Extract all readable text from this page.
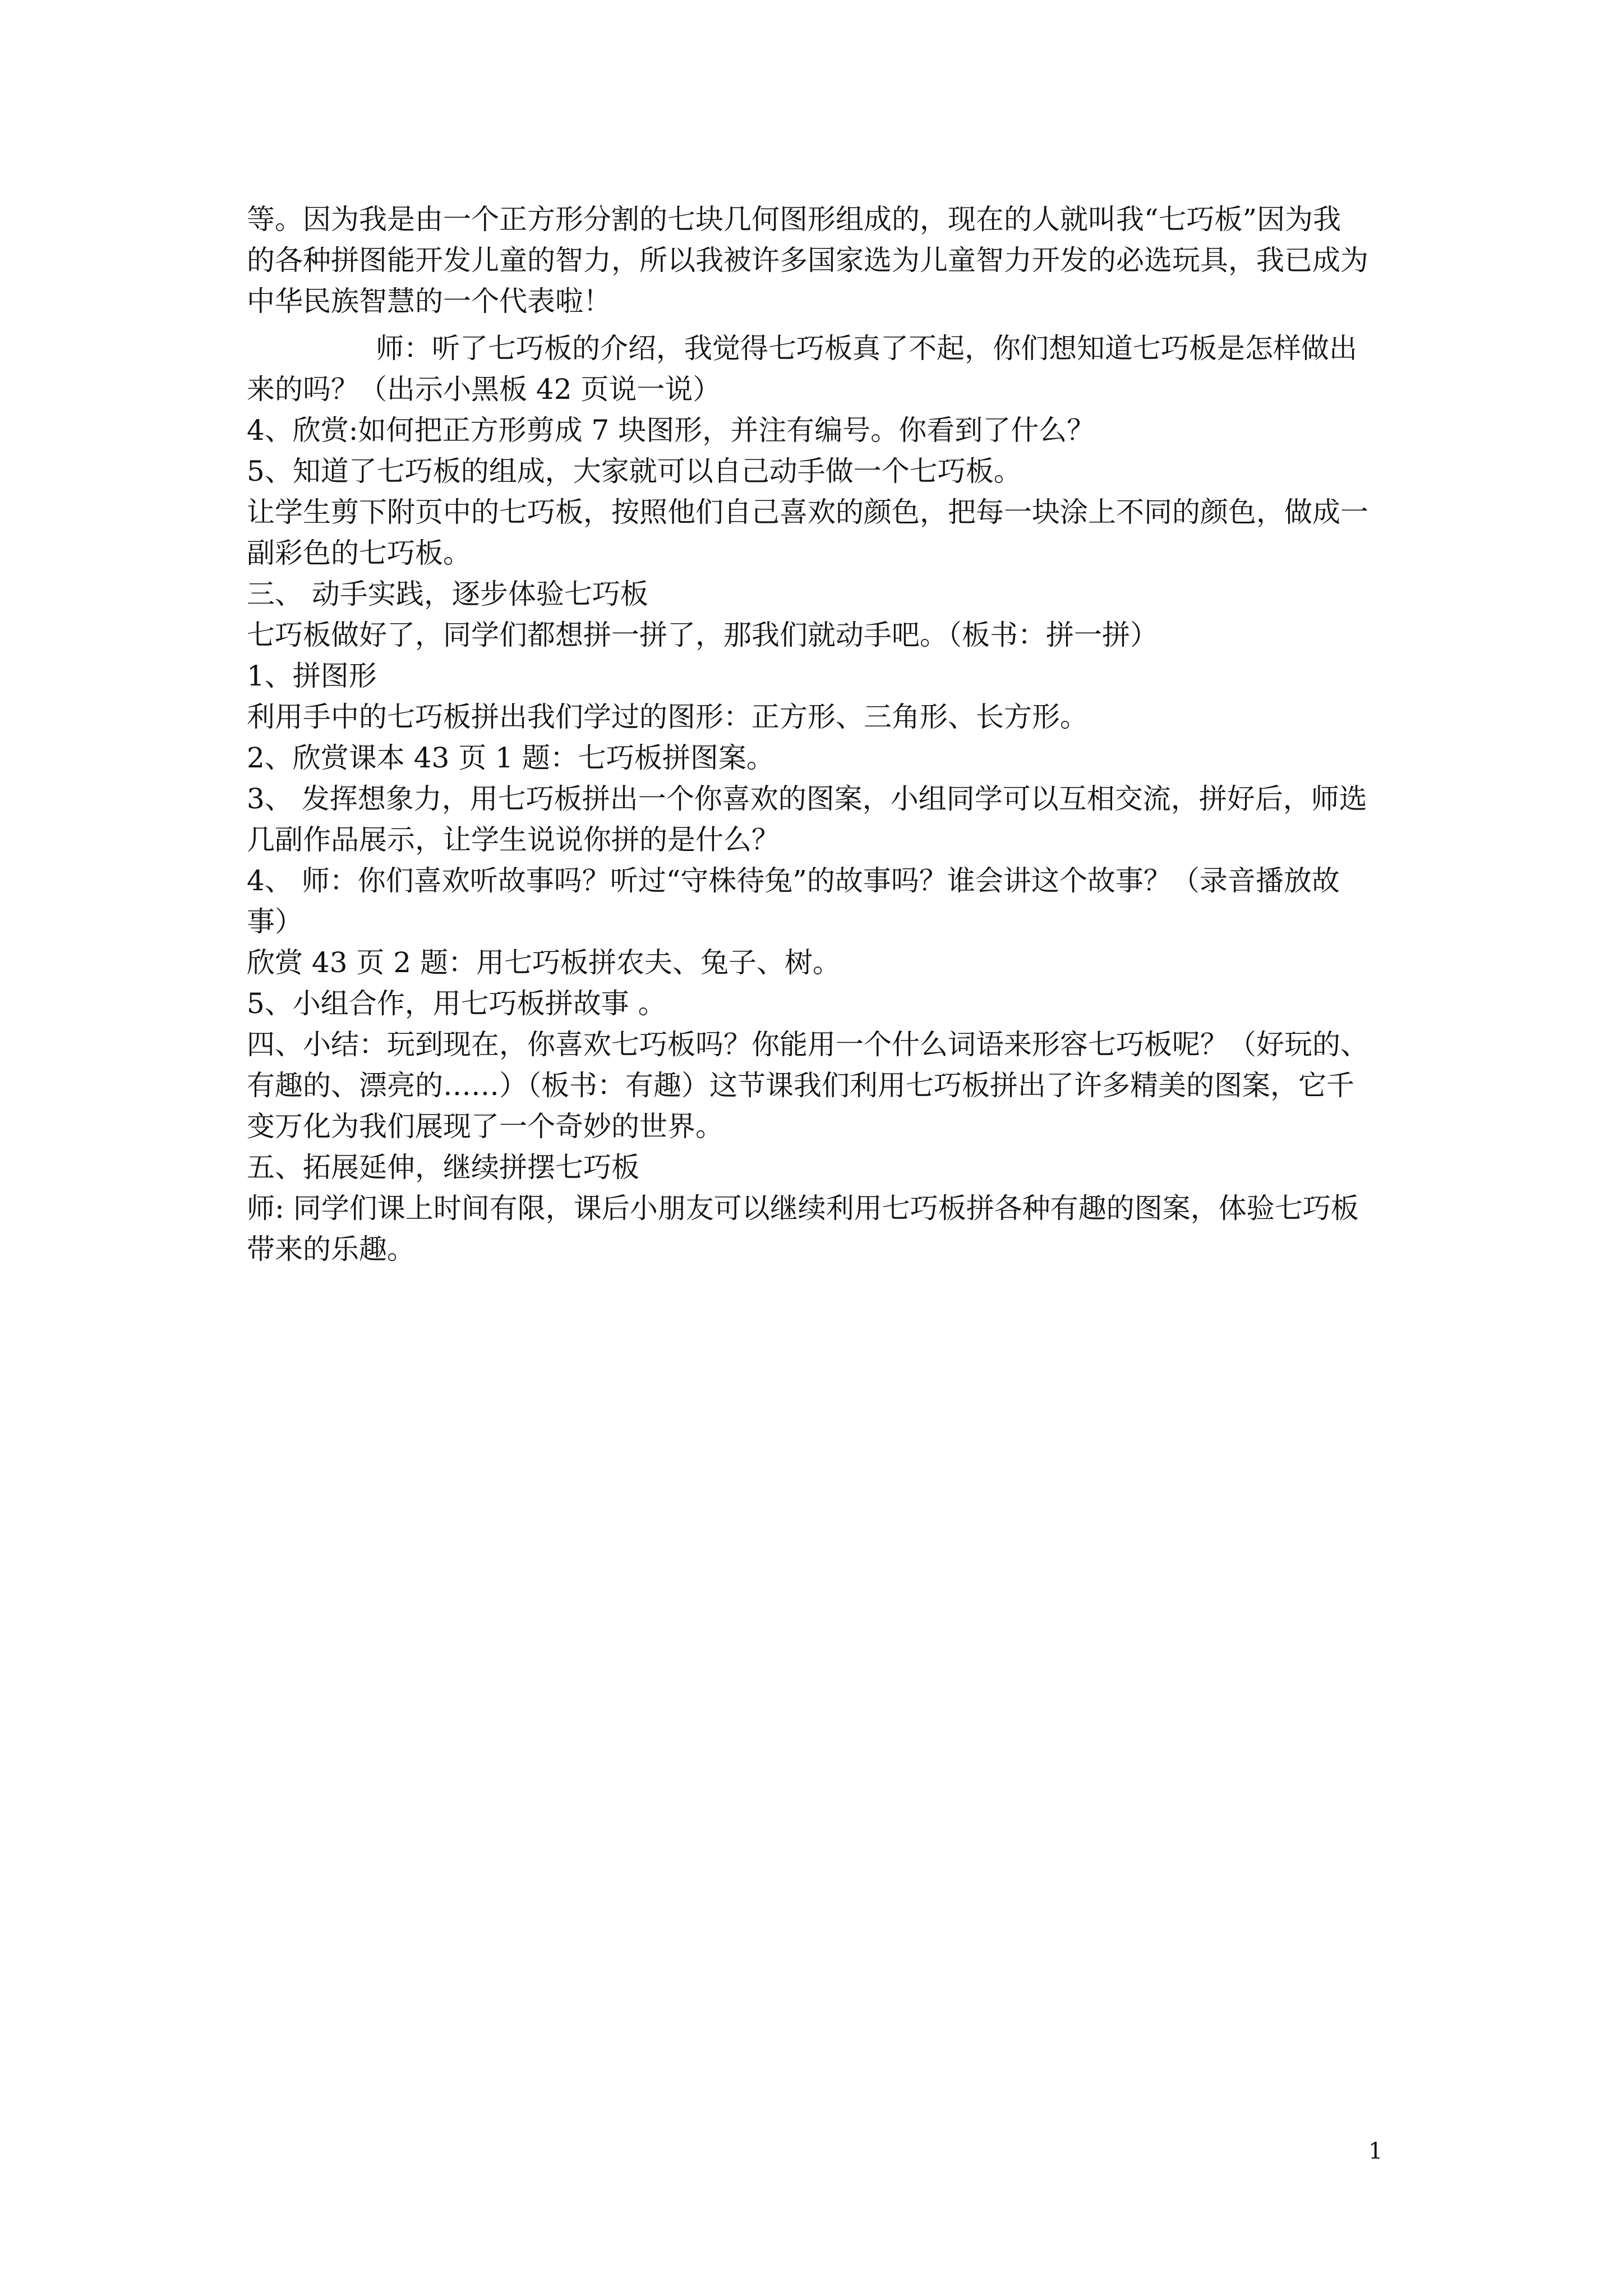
等。因为我是由一个正方形分割的七块几何图形组成的，现在的人就叫我“七巧板”因为我

的各种拼图能开发儿童的智力，所以我被许多国家选为儿童智力开发的必选玩具，我已成为

中华民族智慧的一个代表啦！

师：听了七巧板的介绍，我觉得七巧板真了不起，你们想知道七巧板是怎样做出

来的吗？（出示小黑板 42 页说一说）

4、欣赏:如何把正方形剪成 7 块图形，并注有编号。你看到了什么？

5、知道了七巧板的组成，大家就可以自己动手做一个七巧板。

让学生剪下附页中的七巧板，按照他们自己喜欢的颜色，把每一块涂上不同的颜色，做成一

副彩色的七巧板。

三、 动手实践，逐步体验七巧板

七巧板做好了，同学们都想拼一拼了，那我们就动手吧。（板书：拼一拼）

1、拼图形

利用手中的七巧板拼出我们学过的图形：正方形、三角形、长方形。

2、欣赏课本 43 页 1 题：七巧板拼图案。

3、 发挥想象力，用七巧板拼出一个你喜欢的图案，小组同学可以互相交流，拼好后，师选

几副作品展示，让学生说说你拼的是什么？

4、 师：你们喜欢听故事吗？听过“守株待兔”的故事吗？谁会讲这个故事？（录音播放故

事）

欣赏 43 页 2 题：用七巧板拼农夫、兔子、树。

5、小组合作，用七巧板拼故事 。

四、小结：玩到现在，你喜欢七巧板吗？你能用一个什么词语来形容七巧板呢？（好玩的、

有趣的、漂亮的……）（板书：有趣）这节课我们利用七巧板拼出了许多精美的图案，它千

变万化为我们展现了一个奇妙的世界。

五、拓展延伸，继续拼摆七巧板

师: 同学们课上时间有限，课后小朋友可以继续利用七巧板拼各种有趣的图案，体验七巧板

带来的乐趣。

1
